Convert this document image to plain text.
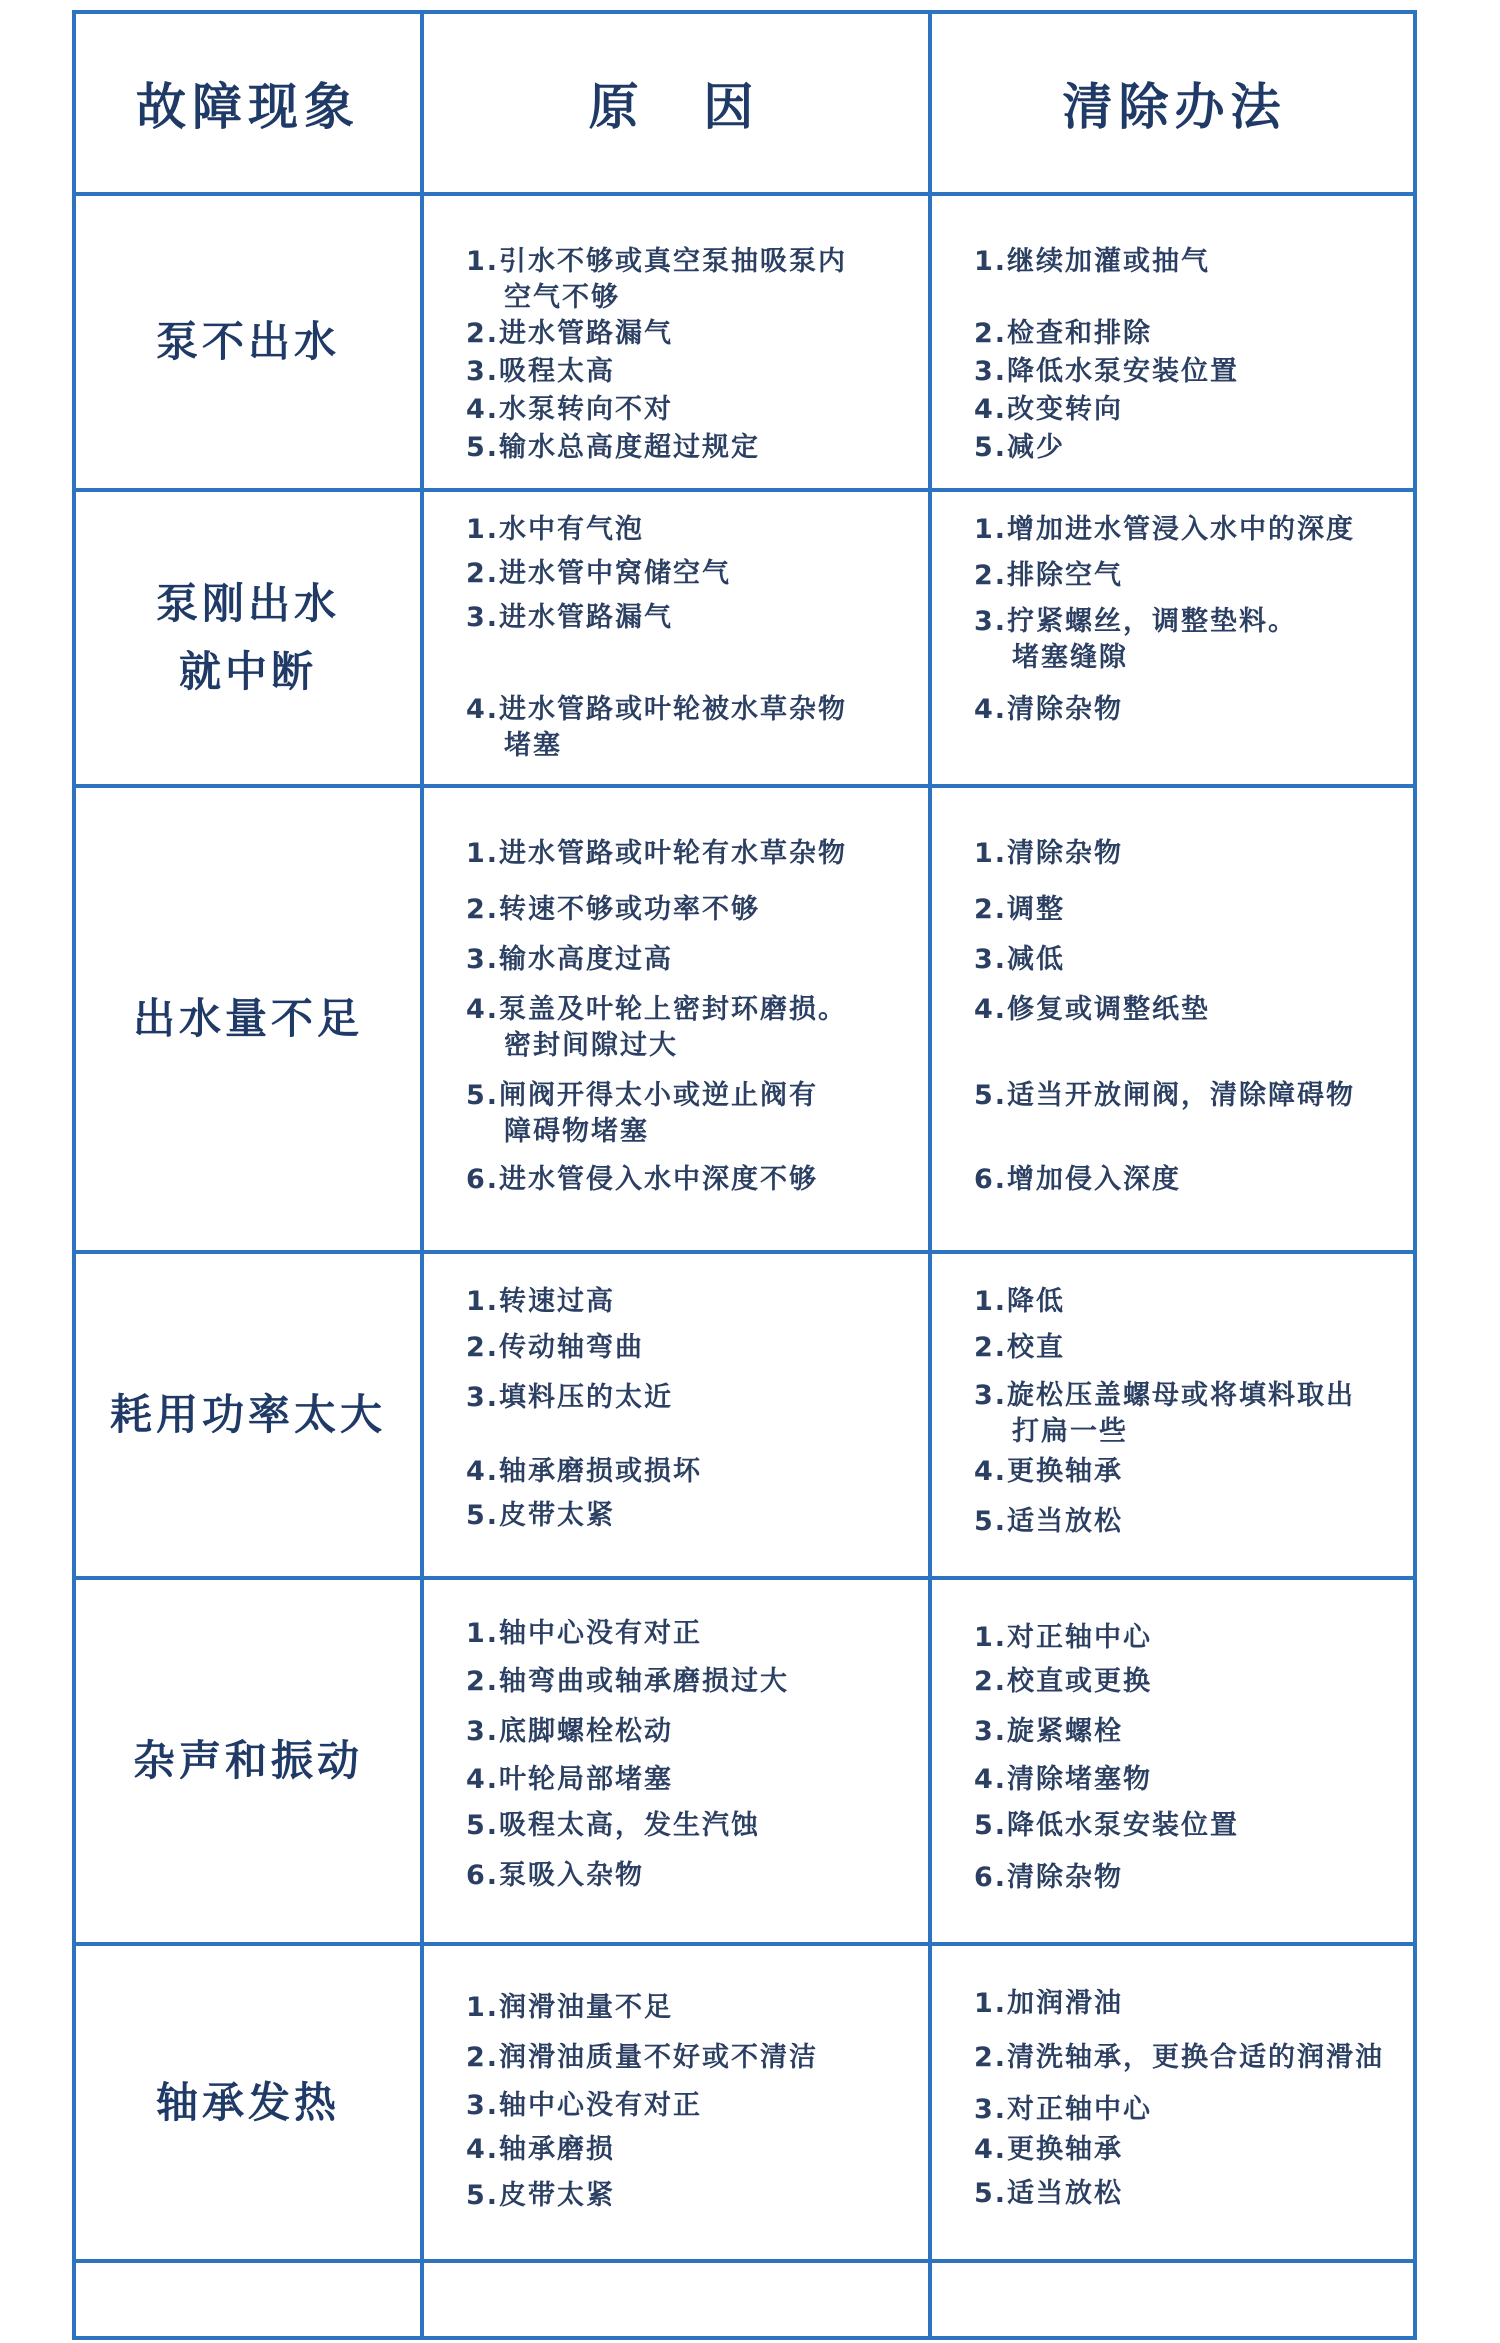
故障现象	原  因	清除办法
泵不出水
1.引水不够或真空泵抽吸泵内
空气不够
2.进水管路漏气
3.吸程太高
4.水泵转向不对
5.输水总高度超过规定
1.继续加灌或抽气
2.检查和排除
3.降低水泵安装位置
4.改变转向
5.减少
泵刚出水
就中断
1.水中有气泡
2.进水管中窝储空气
3.进水管路漏气
4.进水管路或叶轮被水草杂物
堵塞
1.增加进水管浸入水中的深度
2.排除空气
3.拧紧螺丝，调整垫料。
堵塞缝隙
4.清除杂物
出水量不足
1.进水管路或叶轮有水草杂物
2.转速不够或功率不够
3.输水高度过高
4.泵盖及叶轮上密封环磨损。
密封间隙过大
5.闸阀开得太小或逆止阀有
障碍物堵塞
6.进水管侵入水中深度不够
1.清除杂物
2.调整
3.减低
4.修复或调整纸垫
5.适当开放闸阀，清除障碍物
6.增加侵入深度
耗用功率太大
1.转速过高
2.传动轴弯曲
3.填料压的太近
4.轴承磨损或损坏
5.皮带太紧
1.降低
2.校直
3.旋松压盖螺母或将填料取出
打扁一些
4.更换轴承
5.适当放松
杂声和振动
1.轴中心没有对正
2.轴弯曲或轴承磨损过大
3.底脚螺栓松动
4.叶轮局部堵塞
5.吸程太高，发生汽蚀
6.泵吸入杂物
1.对正轴中心
2.校直或更换
3.旋紧螺栓
4.清除堵塞物
5.降低水泵安装位置
6.清除杂物
轴承发热
1.润滑油量不足
2.润滑油质量不好或不清洁
3.轴中心没有对正
4.轴承磨损
5.皮带太紧
1.加润滑油
2.清洗轴承，更换合适的润滑油
3.对正轴中心
4.更换轴承
5.适当放松
